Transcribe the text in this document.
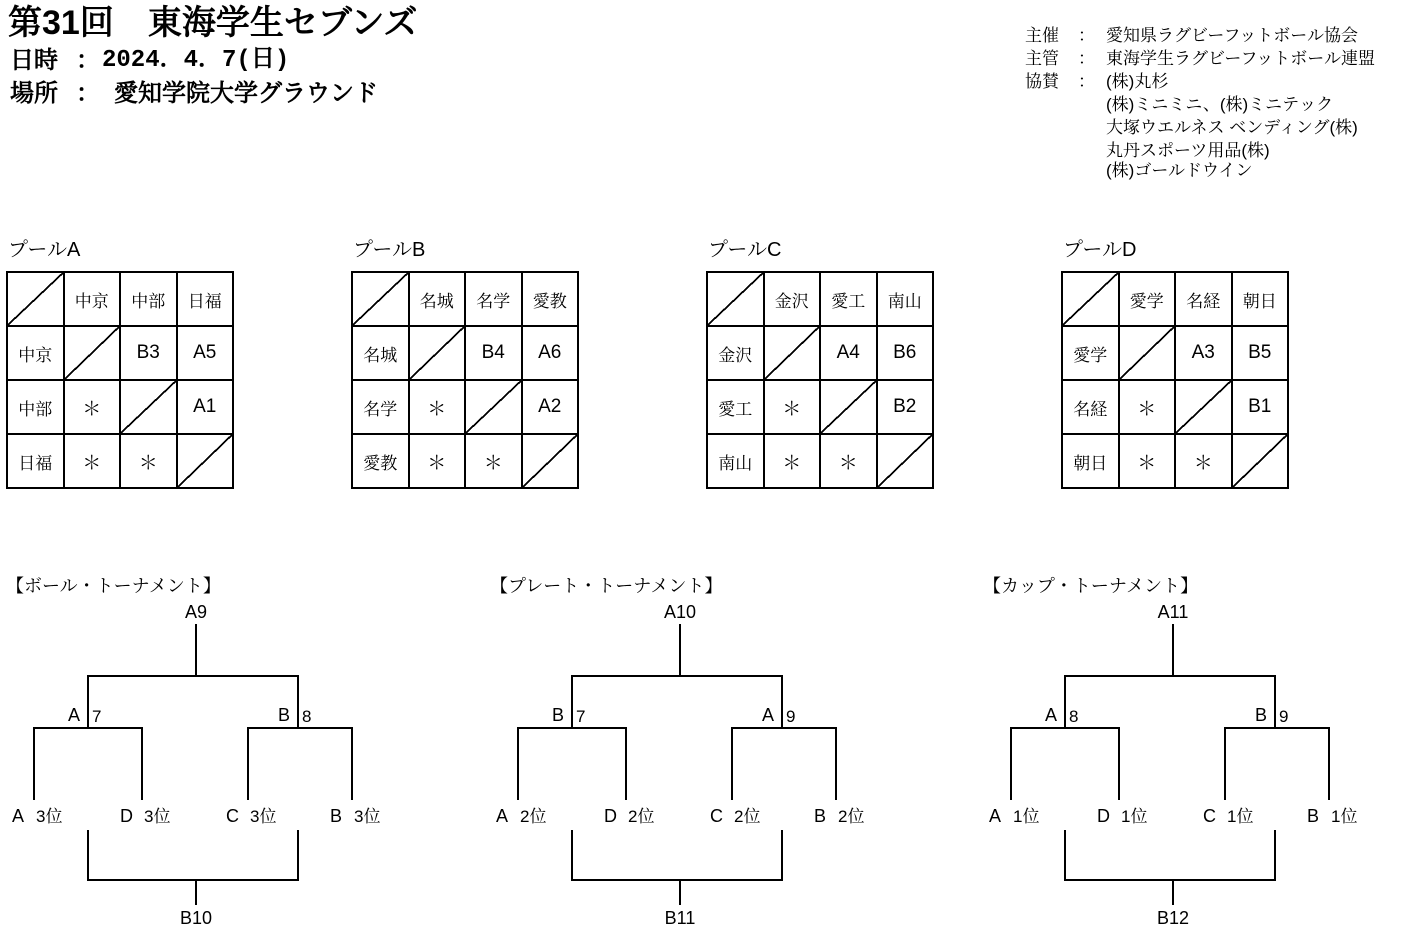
第31回　東海学生セブンズ
日時 ： 2024．4．7(日)
場所 ： 愛知学院大学グラウンド
主催 ： 愛知県ラグビーフットボール協会
主管 ： 東海学生ラグビーフットボール連盟
協賛 ： (株)丸杉
(株)ミニミニ、(株)ミニテック
大塚ウエルネス ベンディング(株)
丸丹スポーツ用品(株)
(株)ゴールドウイン
プールA
	中京	中部	日福
中京		B3	A5
中部	＊		A1
日福	＊	＊	
プールB
	名城	名学	愛教
名城		B4	A6
名学	＊		A2
愛教	＊	＊	
プールC
	金沢	愛工	南山
金沢		A4	B6
愛工	＊		B2
南山	＊	＊	
プールD
	愛学	名経	朝日
愛学		A3	B5
名経	＊		B1
朝日	＊	＊	
【ボール・トーナメント】
A9
A 7	B 8
A 3位	D 3位	C 3位	B 3位
B10
【プレート・トーナメント】
A10
B 7	A 9
A 2位	D 2位	C 2位	B 2位
B11
【カップ・トーナメント】
A11
A 8	B 9
A 1位	D 1位	C 1位	B 1位
B12
